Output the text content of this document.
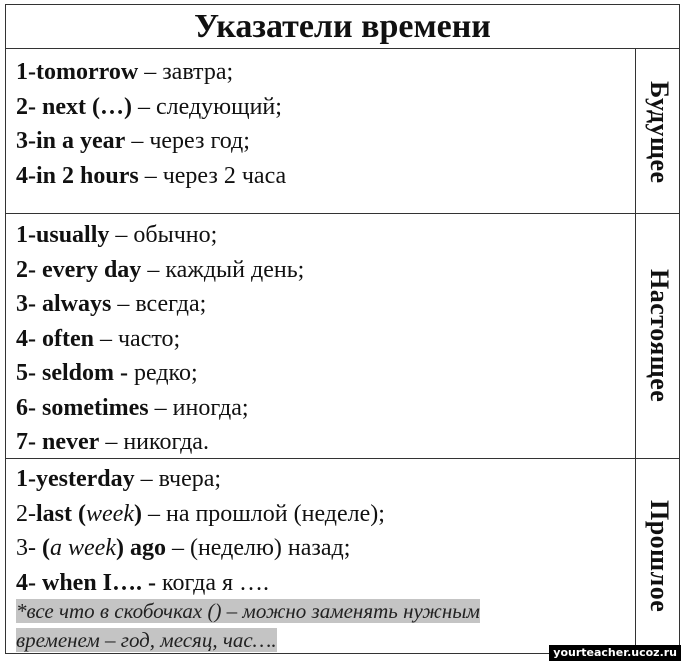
Указатели времени
1-tomorrow – завтра;
2- next (…) – следующий;
3-in a year – через год;
4-in 2 hours – через 2 часа	Будущее
1-usually – обычно;
2- every day – каждый день;
3- always – всегда;
4- often – часто;
5- seldom - редко;
6- sometimes – иногда;
7- never – никогда.
Настоящее
1-yesterday – вчера;
2-last (week) – на прошлой (неделе);
3- (a week) ago – (неделю) назад;
4- when I…. - когда я ….	Прошлое
*все что в скобочках () – можно заменять нужным
временем – год, месяц, час….
yourteacher.ucoz.ru
